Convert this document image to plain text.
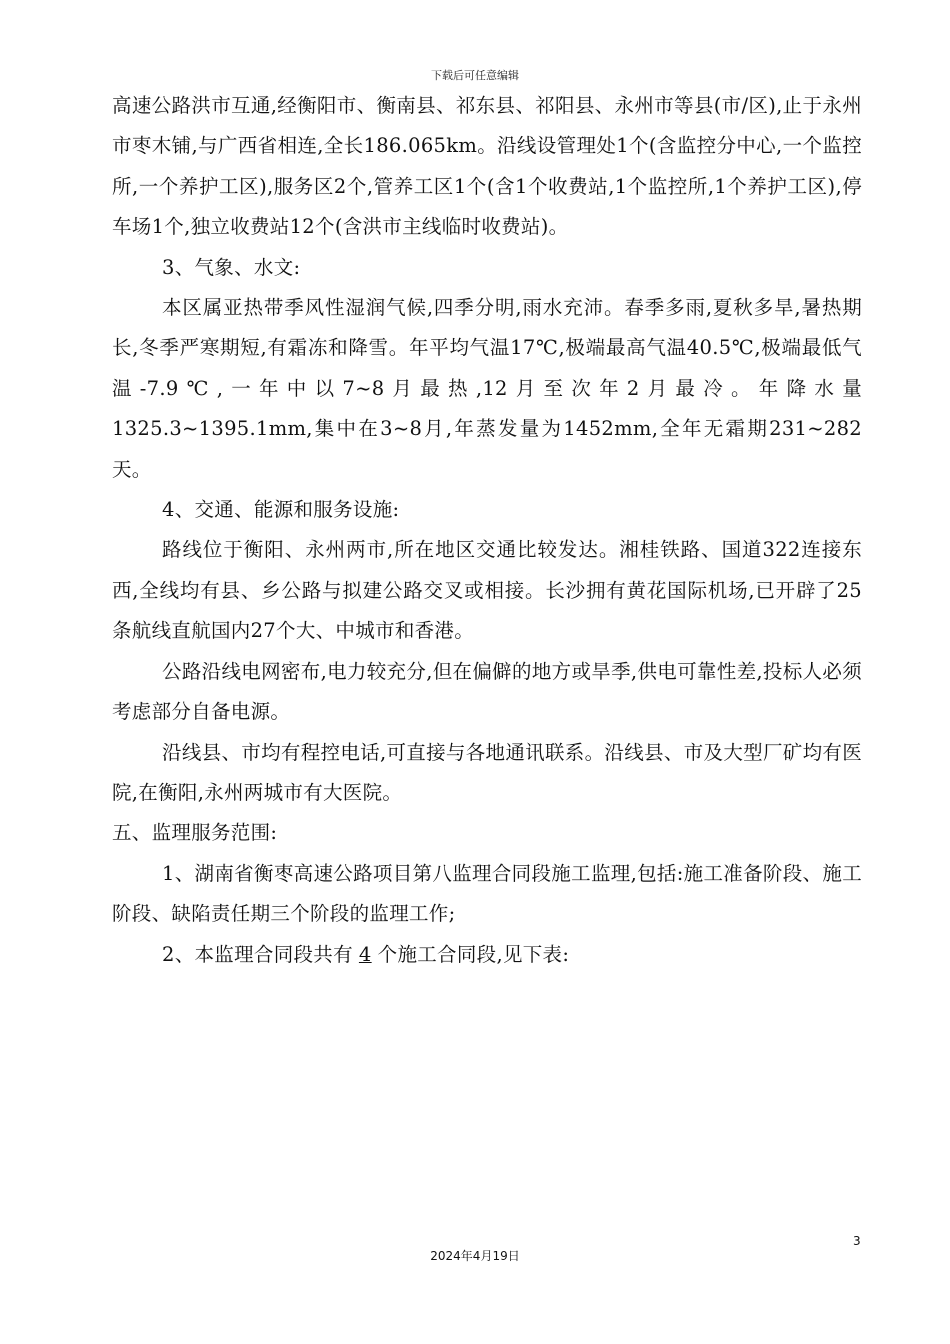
下载后可任意编辑

高速公路洪市互通,经衡阳市、衡南县、祁东县、祁阳县、永州市等县(市/区),止于永州市枣木铺,与广西省相连,全长186.065km。沿线设管理处1个(含监控分中心,一个监控所,一个养护工区),服务区2个,管养工区1个(含1个收费站,1个监控所,1个养护工区),停车场1个,独立收费站12个(含洪市主线临时收费站)。

3、气象、水文:

本区属亚热带季风性湿润气候,四季分明,雨水充沛。春季多雨,夏秋多旱,暑热期长,冬季严寒期短,有霜冻和降雪。年平均气温17℃,极端最高气温40.5℃,极端最低气温-7.9℃,一年中以7~8月最热,12月至次年2月最冷。年降水量1325.3~1395.1mm,集中在3~8月,年蒸发量为1452mm,全年无霜期231~282天。

4、交通、能源和服务设施:

路线位于衡阳、永州两市,所在地区交通比较发达。湘桂铁路、国道322连接东西,全线均有县、乡公路与拟建公路交叉或相接。长沙拥有黄花国际机场,已开辟了25条航线直航国内27个大、中城市和香港。

公路沿线电网密布,电力较充分,但在偏僻的地方或旱季,供电可靠性差,投标人必须考虑部分自备电源。

沿线县、市均有程控电话,可直接与各地通讯联系。沿线县、市及大型厂矿均有医院,在衡阳,永州两城市有大医院。

五、监理服务范围:

1、湖南省衡枣高速公路项目第八监理合同段施工监理,包括:施工准备阶段、施工阶段、缺陷责任期三个阶段的监理工作;

2、本监理合同段共有 4 个施工合同段,见下表:

3
2024年4月19日
